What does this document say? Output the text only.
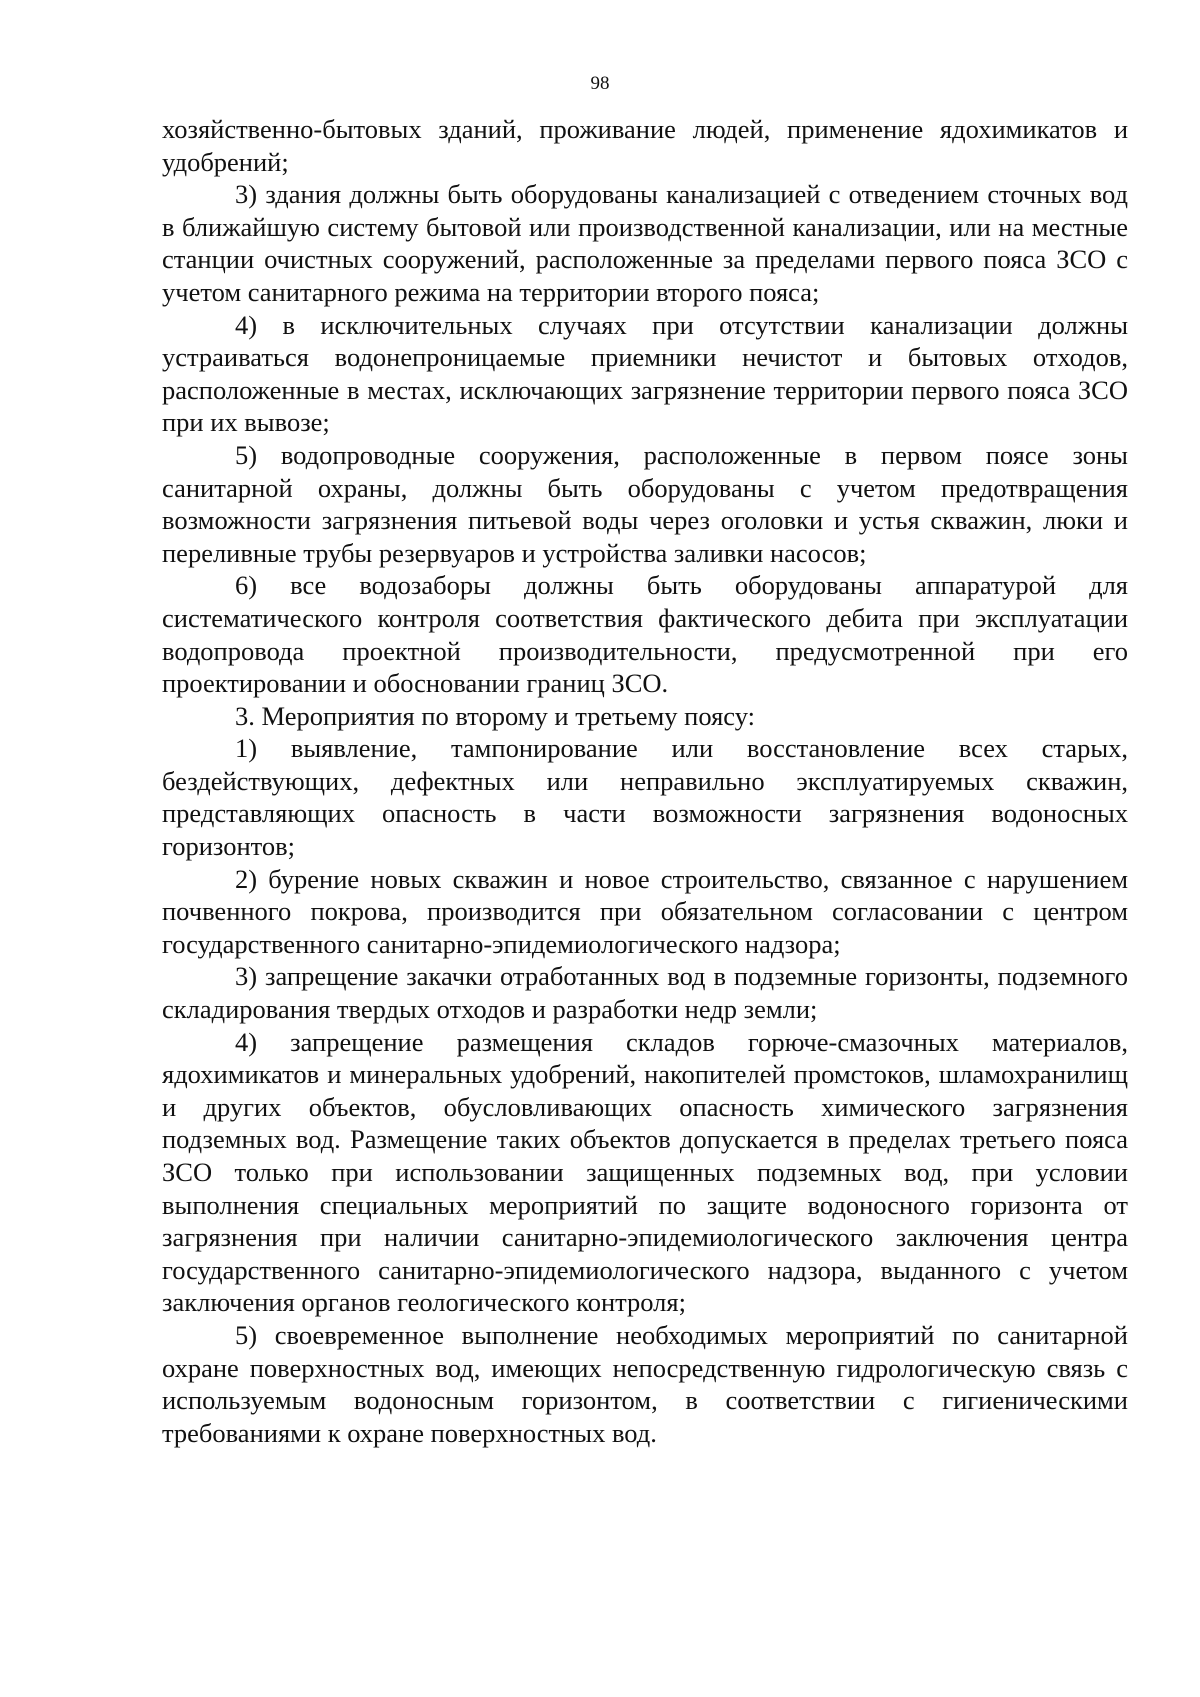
98

хозяйственно-бытовых зданий, проживание людей, применение ядохимикатов и удобрений;

3) здания должны быть оборудованы канализацией с отведением сточных вод в ближайшую систему бытовой или производственной канализации, или на местные станции очистных сооружений, расположенные за пределами первого пояса ЗСО с учетом санитарного режима на территории второго пояса;

4) в исключительных случаях при отсутствии канализации должны устраиваться водонепроницаемые приемники нечистот и бытовых отходов, расположенные в местах, исключающих загрязнение территории первого пояса ЗСО при их вывозе;

5) водопроводные сооружения, расположенные в первом поясе зоны санитарной охраны, должны быть оборудованы с учетом предотвращения возможности загрязнения питьевой воды через оголовки и устья скважин, люки и переливные трубы резервуаров и устройства заливки насосов;

6) все водозаборы должны быть оборудованы аппаратурой для систематического контроля соответствия фактического дебита при эксплуатации водопровода проектной производительности, предусмотренной при его проектировании и обосновании границ ЗСО.

3. Мероприятия по второму и третьему поясу:

1) выявление, тампонирование или восстановление всех старых, бездействующих, дефектных или неправильно эксплуатируемых скважин, представляющих опасность в части возможности загрязнения водоносных горизонтов;

2) бурение новых скважин и новое строительство, связанное с нарушением почвенного покрова, производится при обязательном согласовании с центром государственного санитарно-эпидемиологического надзора;

3) запрещение закачки отработанных вод в подземные горизонты, подземного складирования твердых отходов и разработки недр земли;

4) запрещение размещения складов горюче-смазочных материалов, ядохимикатов и минеральных удобрений, накопителей промстоков, шламохранилищ и других объектов, обусловливающих опасность химического загрязнения подземных вод. Размещение таких объектов допускается в пределах третьего пояса ЗСО только при использовании защищенных подземных вод, при условии выполнения специальных мероприятий по защите водоносного горизонта от загрязнения при наличии санитарно-эпидемиологического заключения центра государственного санитарно-эпидемиологического надзора, выданного с учетом заключения органов геологического контроля;

5) своевременное выполнение необходимых мероприятий по санитарной охране поверхностных вод, имеющих непосредственную гидрологическую связь с используемым водоносным горизонтом, в соответствии с гигиеническими требованиями к охране поверхностных вод.
